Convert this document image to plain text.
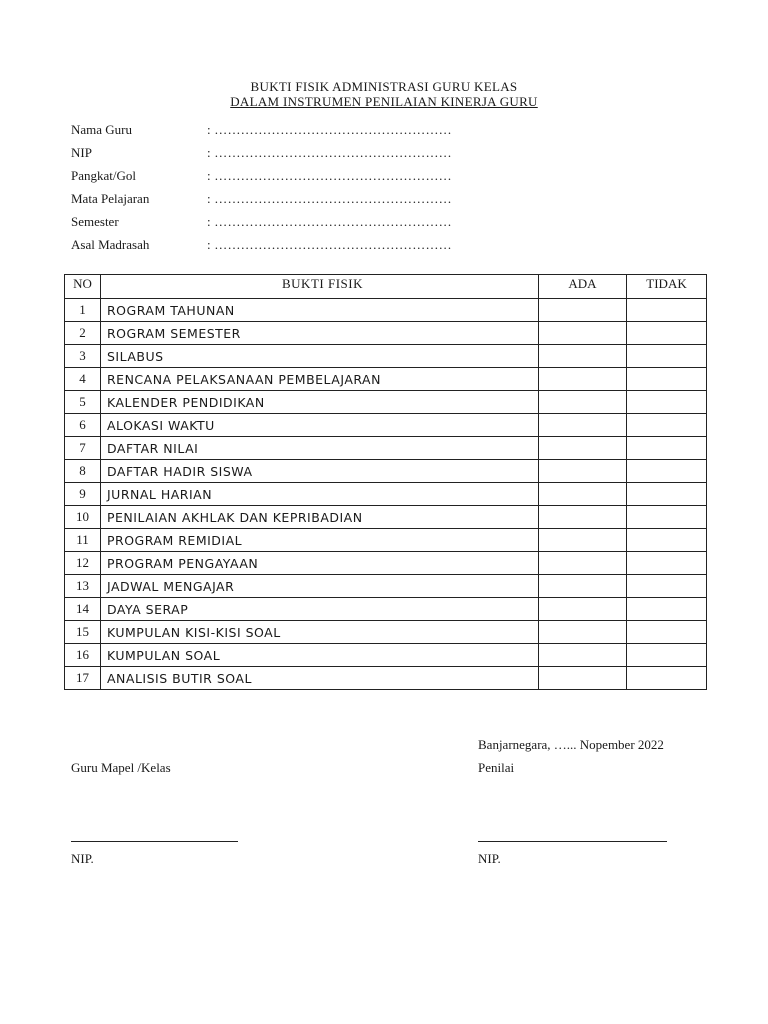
BUKTI FISIK ADMINISTRASI GURU KELAS
DALAM INSTRUMEN PENILAIAN KINERJA GURU
Nama Guru	: ………………………………………………
NIP	: ………………………………………………
Pangkat/Gol	: ………………………………………………
Mata Pelajaran	: ………………………………………………
Semester	: ………………………………………………
Asal Madrasah	: ………………………………………………
NO	BUKTI FISIK	ADA	TIDAK
1	ROGRAM TAHUNAN		
2	ROGRAM SEMESTER		
3	SILABUS		
4	RENCANA PELAKSANAAN PEMBELAJARAN		
5	KALENDER PENDIDIKAN		
6	ALOKASI WAKTU		
7	DAFTAR NILAI		
8	DAFTAR HADIR SISWA		
9	JURNAL HARIAN		
10	PENILAIAN AKHLAK DAN KEPRIBADIAN		
11	PROGRAM REMIDIAL		
12	PROGRAM PENGAYAAN		
13	JADWAL MENGAJAR		
14	DAYA SERAP		
15	KUMPULAN KISI-KISI SOAL		
16	KUMPULAN SOAL		
17	ANALISIS BUTIR SOAL		
Banjarnegara, …... Nopember 2022
Guru Mapel /Kelas	Penilai
NIP.	NIP.
